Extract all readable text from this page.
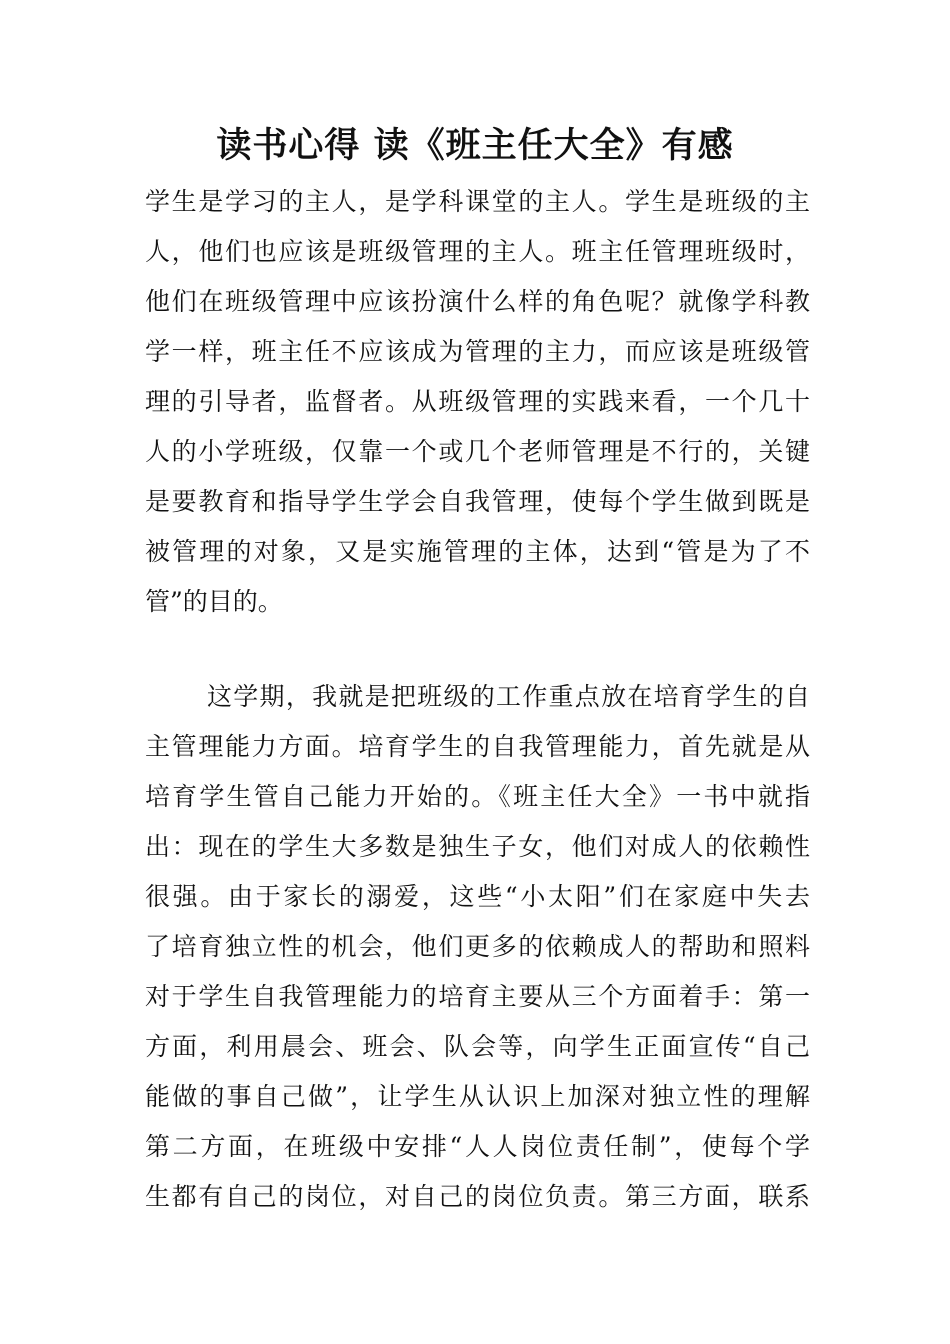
读书心得 读《班主任大全》有感
学生是学习的主人，是学科课堂的主人。学生是班级的主
人，他们也应该是班级管理的主人。班主任管理班级时，
他们在班级管理中应该扮演什么样的角色呢？就像学科教
学一样，班主任不应该成为管理的主力，而应该是班级管
理的引导者，监督者。从班级管理的实践来看，一个几十
人的小学班级，仅靠一个或几个老师管理是不行的，关键
是要教育和指导学生学会自我管理，使每个学生做到既是
被管理的对象，又是实施管理的主体，达到“管是为了不
管”的目的。
这学期，我就是把班级的工作重点放在培育学生的自
主管理能力方面。培育学生的自我管理能力，首先就是从
培育学生管自己能力开始的。《班主任大全》一书中就指
出：现在的学生大多数是独生子女，他们对成人的依赖性
很强。由于家长的溺爱，这些“小太阳”们在家庭中失去
了培育独立性的机会，他们更多的依赖成人的帮助和照料
对于学生自我管理能力的培育主要从三个方面着手：第一
方面，利用晨会、班会、队会等，向学生正面宣传“自己
能做的事自己做”，让学生从认识上加深对独立性的理解
第二方面，在班级中安排“人人岗位责任制”，使每个学
生都有自己的岗位，对自己的岗位负责。第三方面，联系
